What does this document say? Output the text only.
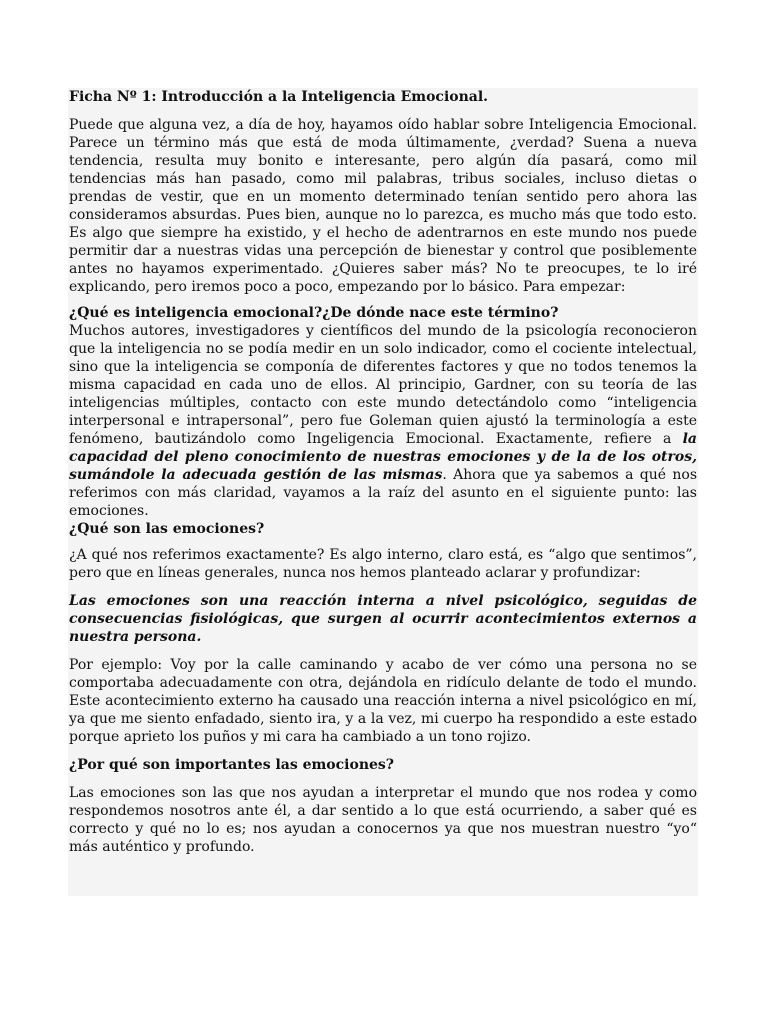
Ficha Nº 1: Introducción a la Inteligencia Emocional.

Puede que alguna vez, a día de hoy, hayamos oído hablar sobre Inteligencia Emocional. Parece un término más que está de moda últimamente, ¿verdad? Suena a nueva tendencia, resulta muy bonito e interesante, pero algún día pasará, como mil tendencias más han pasado, como mil palabras, tribus sociales, incluso dietas o prendas de vestir, que en un momento determinado tenían sentido pero ahora las consideramos absurdas. Pues bien, aunque no lo parezca, es mucho más que todo esto. Es algo que siempre ha existido, y el hecho de adentrarnos en este mundo nos puede permitir dar a nuestras vidas una percepción de bienestar y control que posiblemente antes no hayamos experimentado. ¿Quieres saber más? No te preocupes, te lo iré explicando, pero iremos poco a poco, empezando por lo básico. Para empezar:

¿Qué es inteligencia emocional?¿De dónde nace este término?

Muchos autores, investigadores y científicos del mundo de la psicología reconocieron que la inteligencia no se podía medir en un solo indicador, como el cociente intelectual, sino que la inteligencia se componía de diferentes factores y que no todos tenemos la misma capacidad en cada uno de ellos. Al principio, Gardner, con su teoría de las inteligencias múltiples, contacto con este mundo detectándolo como “inteligencia interpersonal e intrapersonal”, pero fue Goleman quien ajustó la terminología a este fenómeno, bautizándolo como Ingeligencia Emocional. Exactamente, refiere a la capacidad del pleno conocimiento de nuestras emociones y de la de los otros, sumándole la adecuada gestión de las mismas. Ahora que ya sabemos a qué nos referimos con más claridad, vayamos a la raíz del asunto en el siguiente punto: las emociones.

¿Qué son las emociones?

¿A qué nos referimos exactamente? Es algo interno, claro está, es “algo que sentimos”, pero que en líneas generales, nunca nos hemos planteado aclarar y profundizar:

Las emociones son una reacción interna a nivel psicológico, seguidas de consecuencias fisiológicas, que surgen al ocurrir acontecimientos externos a nuestra persona.

Por ejemplo: Voy por la calle caminando y acabo de ver cómo una persona no se comportaba adecuadamente con otra, dejándola en ridículo delante de todo el mundo. Este acontecimiento externo ha causado una reacción interna a nivel psicológico en mí, ya que me siento enfadado, siento ira, y a la vez, mi cuerpo ha respondido a este estado porque aprieto los puños y mi cara ha cambiado a un tono rojizo.

¿Por qué son importantes las emociones?

Las emociones son las que nos ayudan a interpretar el mundo que nos rodea y como respondemos nosotros ante él, a dar sentido a lo que está ocurriendo, a saber qué es correcto y qué no lo es; nos ayudan a conocernos ya que nos muestran nuestro “yo“ más auténtico y profundo.
